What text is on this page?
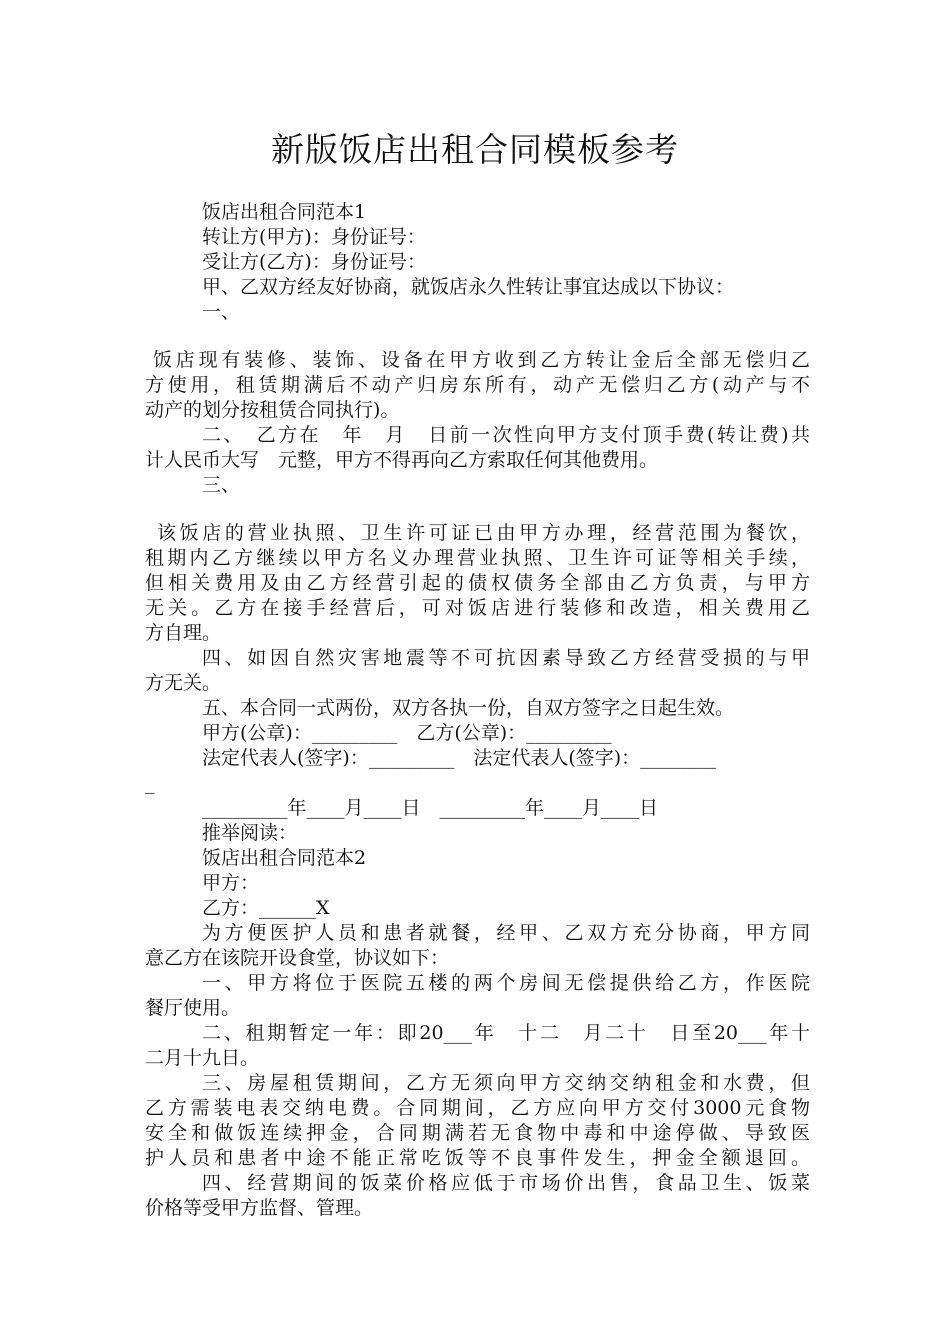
新版饭店出租合同模板参考
饭店出租合同范本1
转让方(甲方)：身份证号：
受让方(乙方)：身份证号：
甲、乙双方经友好协商，就饭店永久性转让事宜达成以下协议：
一、
饭店现有装修、装饰、设备在甲方收到乙方转让金后全部无偿归乙
方使用，租赁期满后不动产归房东所有，动产无偿归乙方(动产与不
动产的划分按租赁合同执行)。
二、　乙方在　年　月　日前一次性向甲方支付顶手费(转让费)共
计人民币大写　元整，甲方不得再向乙方索取任何其他费用。
三、
该饭店的营业执照、卫生许可证已由甲方办理，经营范围为餐饮，
租期内乙方继续以甲方名义办理营业执照、卫生许可证等相关手续，
但相关费用及由乙方经营引起的债权债务全部由乙方负责，与甲方
无关。乙方在接手经营后，可对饭店进行装修和改造，相关费用乙
方自理。
四、如因自然灾害地震等不可抗因素导致乙方经营受损的与甲
方无关。
五、本合同一式两份，双方各执一份，自双方签字之日起生效。
甲方(公章)：_________　乙方(公章)：_________
法定代表人(签字)：_________　法定代表人(签字)：________
_
_________年____月____日　_________年____月____日
推举阅读：
饭店出租合同范本2
甲方：
乙方：______X
为方便医护人员和患者就餐，经甲、乙双方充分协商，甲方同
意乙方在该院开设食堂，协议如下：
一、甲方将位于医院五楼的两个房间无偿提供给乙方，作医院
餐厅使用。
二、租期暂定一年：即20___年　十二　月二十　日至20___年十
二月十九日。
三、房屋租赁期间，乙方无须向甲方交纳交纳租金和水费，但
乙方需装电表交纳电费。合同期间，乙方应向甲方交付3000元食物
安全和做饭连续押金，合同期满若无食物中毒和中途停做、导致医
护人员和患者中途不能正常吃饭等不良事件发生，押金全额退回。
四、经营期间的饭菜价格应低于市场价出售，食品卫生、饭菜
价格等受甲方监督、管理。
